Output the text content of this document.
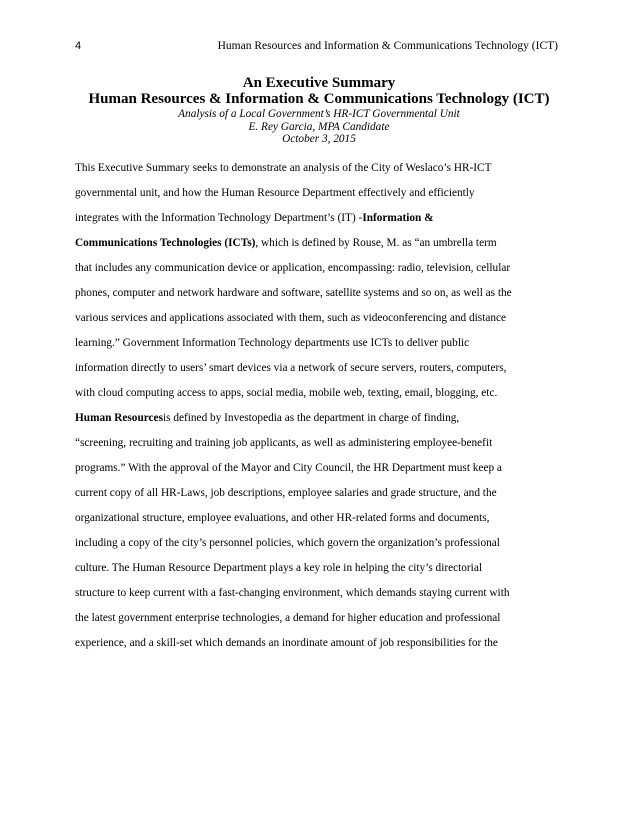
4	Human Resources and Information & Communications Technology (ICT)
An Executive Summary
Human Resources & Information & Communications Technology (ICT)
Analysis of a Local Government’s HR-ICT Governmental Unit
E. Rey Garcia, MPA Candidate
October 3, 2015
This Executive Summary seeks to demonstrate an analysis of the City of Weslaco’s HR-ICT
governmental unit, and how the Human Resource Department effectively and efficiently
integrates with the Information Technology Department’s (IT) - Information &
Communications Technologies (ICTs) , which is defined by Rouse, M. as “an umbrella term
that includes any communication device or application, encompassing: radio, television, cellular
phones, computer and network hardware and software, satellite systems and so on, as well as the
various services and applications associated with them, such as videoconferencing and distance
learning.” Government Information Technology departments use ICTs to deliver public
information directly to users’ smart devices via a network of secure servers, routers, computers,
with cloud computing access to apps, social media, mobile web, texting, email, blogging, etc.
Human Resources is defined by Investopedia as the department in charge of finding,
“screening, recruiting and training job applicants, as well as administering employee-benefit
programs.” With the approval of the Mayor and City Council, the HR Department must keep a
current copy of all HR-Laws, job descriptions, employee salaries and grade structure, and the
organizational structure, employee evaluations, and other HR-related forms and documents,
including a copy of the city’s personnel policies, which govern the organization’s professional
culture. The Human Resource Department plays a key role in helping the city’s directorial
structure to keep current with a fast-changing environment, which demands staying current with
the latest government enterprise technologies, a demand for higher education and professional
experience, and a skill-set which demands an inordinate amount of job responsibilities for the
